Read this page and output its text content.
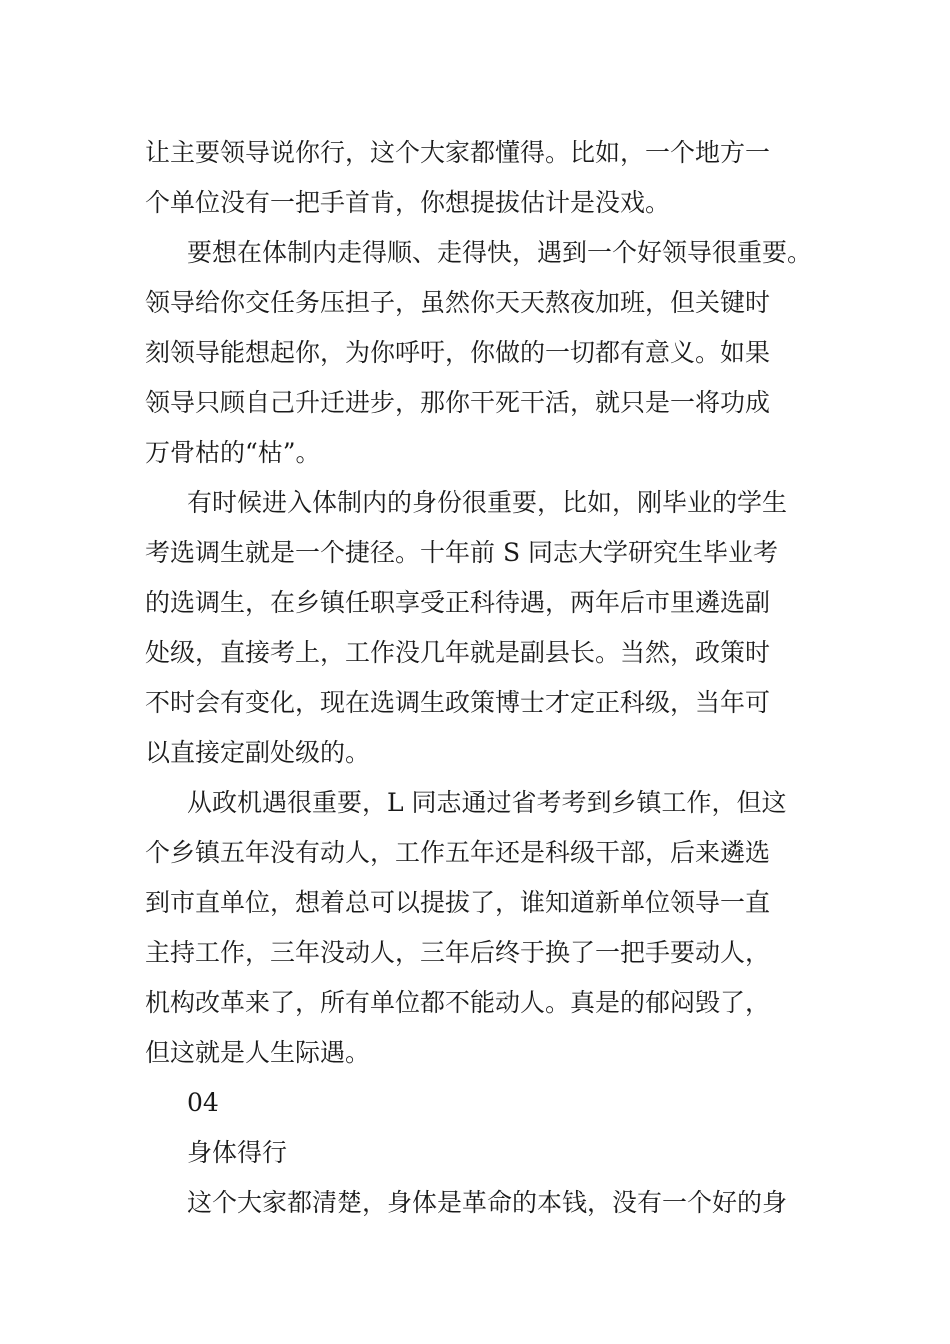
让主要领导说你行，这个大家都懂得。比如，一个地方一
个单位没有一把手首肯，你想提拔估计是没戏。
要想在体制内走得顺、走得快，遇到一个好领导很重要。
领导给你交任务压担子，虽然你天天熬夜加班，但关键时
刻领导能想起你，为你呼吁，你做的一切都有意义。如果
领导只顾自己升迁进步，那你干死干活，就只是一将功成
万骨枯的“枯”。
有时候进入体制内的身份很重要，比如，刚毕业的学生
考选调生就是一个捷径。十年前 S 同志大学研究生毕业考
的选调生，在乡镇任职享受正科待遇，两年后市里遴选副
处级，直接考上，工作没几年就是副县长。当然，政策时
不时会有变化，现在选调生政策博士才定正科级，当年可
以直接定副处级的。
从政机遇很重要，L 同志通过省考考到乡镇工作，但这
个乡镇五年没有动人，工作五年还是科级干部，后来遴选
到市直单位，想着总可以提拔了，谁知道新单位领导一直
主持工作，三年没动人，三年后终于换了一把手要动人，
机构改革来了，所有单位都不能动人。真是的郁闷毁了，
但这就是人生际遇。
04
身体得行
这个大家都清楚，身体是革命的本钱，没有一个好的身
